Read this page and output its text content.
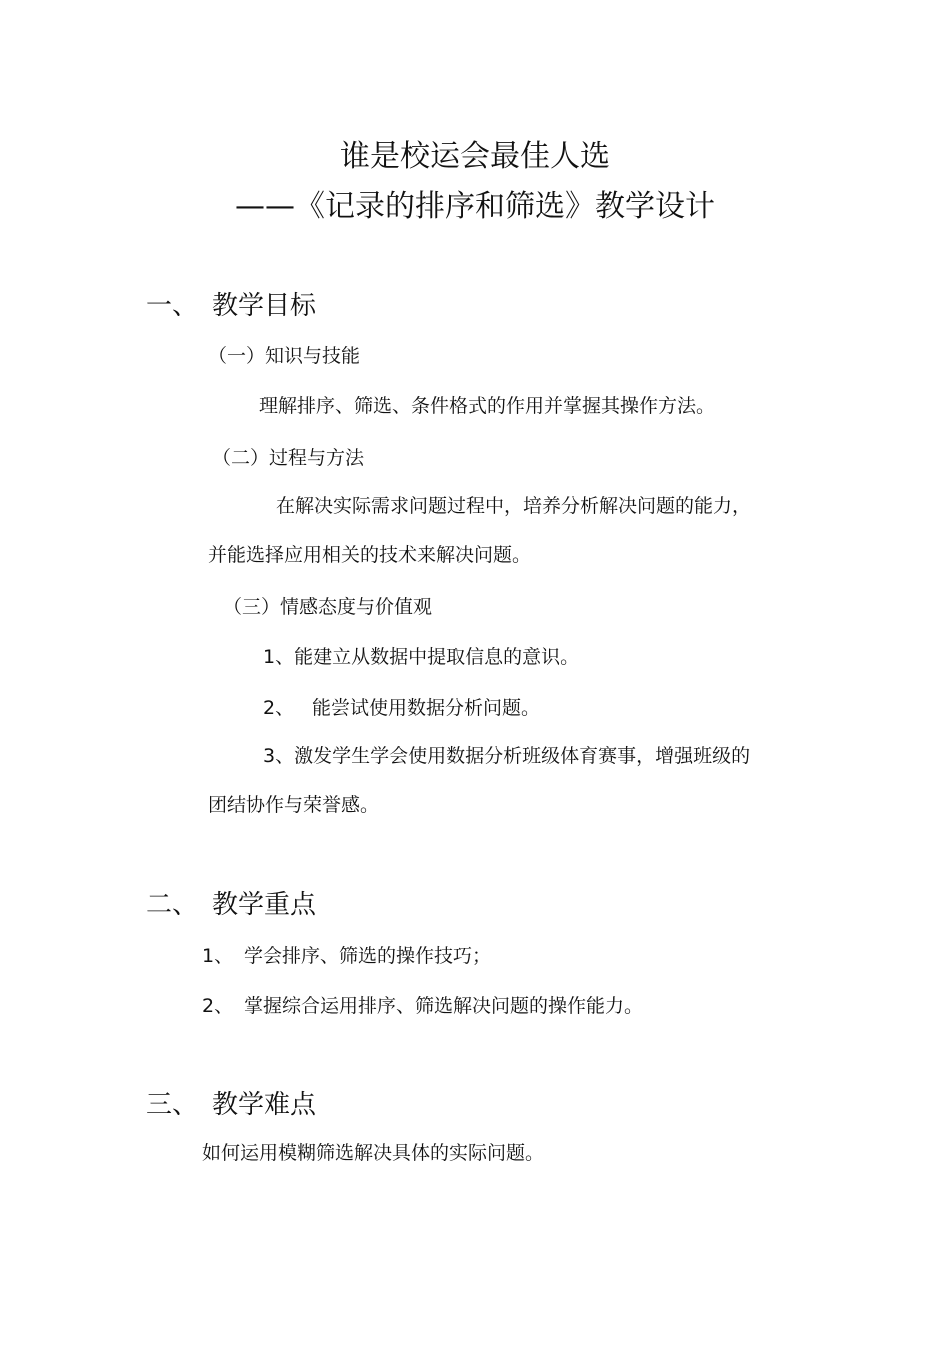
谁是校运会最佳人选
——《记录的排序和筛选》教学设计
一、 教学目标
（一）知识与技能
理解排序、筛选、条件格式的作用并掌握其操作方法。
（二）过程与方法
在解决实际需求问题过程中，培养分析解决问题的能力，
并能选择应用相关的技术来解决问题。
（三）情感态度与价值观
1、能建立从数据中提取信息的意识。
2、 能尝试使用数据分析问题。
3、激发学生学会使用数据分析班级体育赛事，增强班级的
团结协作与荣誉感。
二、 教学重点
1、 学会排序、筛选的操作技巧；
2、 掌握综合运用排序、筛选解决问题的操作能力。
三、 教学难点
如何运用模糊筛选解决具体的实际问题。
